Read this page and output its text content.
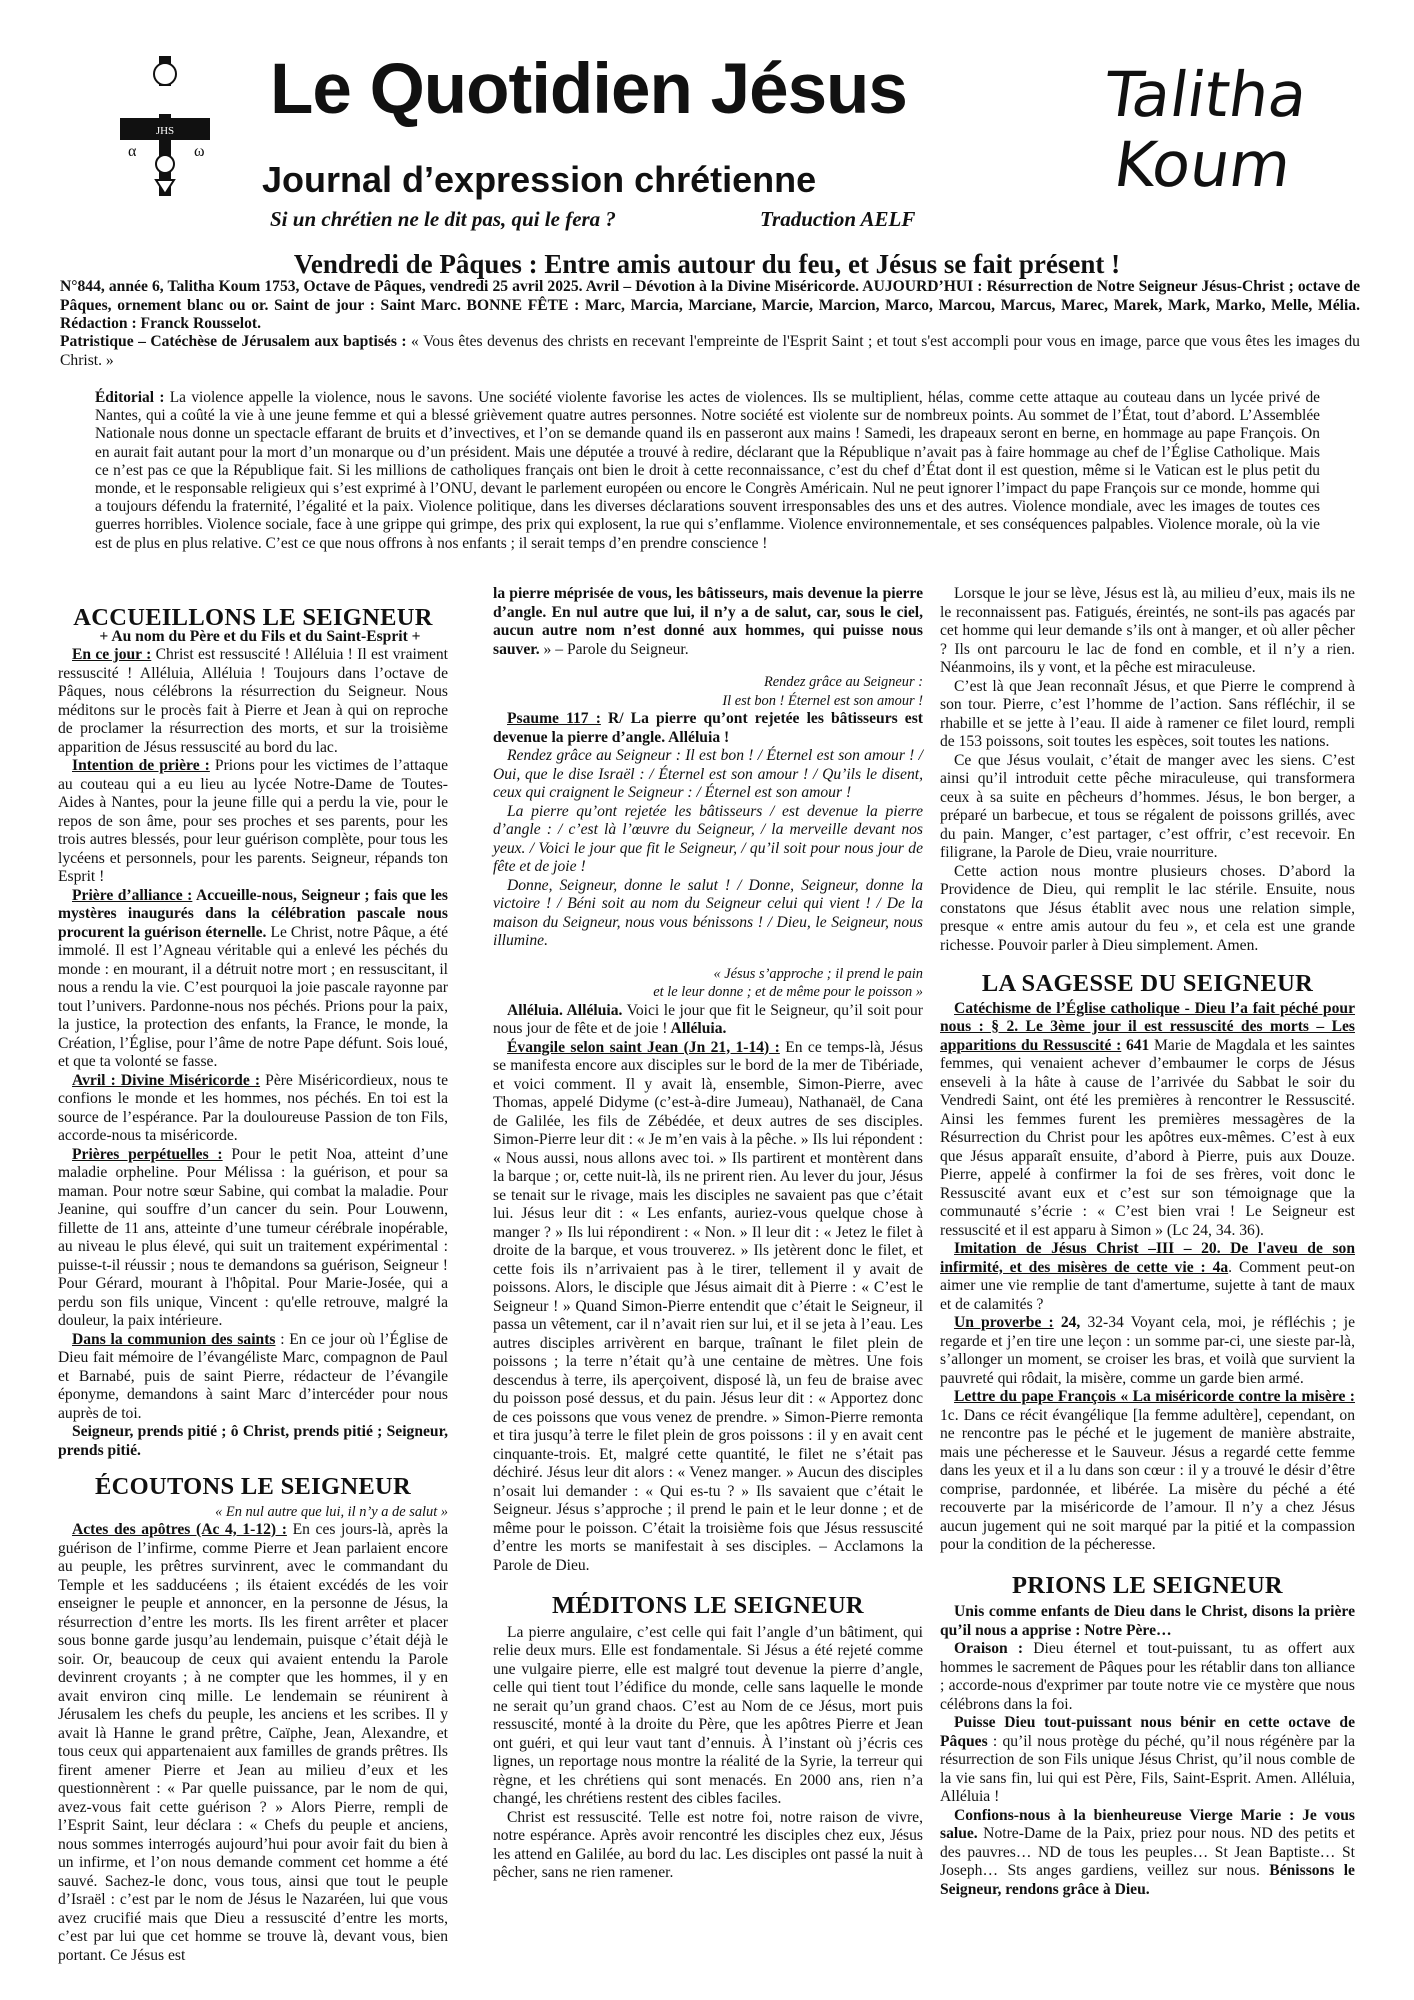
JHS
α	ω
Le Quotidien Jésus
Journal d’expression chrétienne
Si un chrétien ne le dit pas, qui le fera ?	Traduction AELF
Talitha
Koum
Vendredi de Pâques : Entre amis autour du feu, et Jésus se fait présent !
N°844, année 6, Talitha Koum 1753, Octave de Pâques, vendredi 25 avril 2025. Avril – Dévotion à la Divine Miséricorde. AUJOURD’HUI : Résurrection de Notre Seigneur Jésus-Christ ; octave de Pâques, ornement blanc ou or. Saint de jour : Saint Marc. BONNE FÊTE : Marc, Marcia, Marciane, Marcie, Marcion, Marco, Marcou, Marcus, Marec, Marek, Mark, Marko, Melle, Mélia. Rédaction : Franck Rousselot.
Patristique – Catéchèse de Jérusalem aux baptisés : « Vous êtes devenus des christs en recevant l'empreinte de l'Esprit Saint ; et tout s'est accompli pour vous en image, parce que vous êtes les images du Christ. »
Éditorial : La violence appelle la violence, nous le savons. Une société violente favorise les actes de violences. Ils se multiplient, hélas, comme cette attaque au couteau dans un lycée privé de Nantes, qui a coûté la vie à une jeune femme et qui a blessé grièvement quatre autres personnes. Notre société est violente sur de nombreux points. Au sommet de l’État, tout d’abord. L’Assemblée Nationale nous donne un spectacle effarant de bruits et d’invectives, et l’on se demande quand ils en passeront aux mains ! Samedi, les drapeaux seront en berne, en hommage au pape François. On en aurait fait autant pour la mort d’un monarque ou d’un président. Mais une députée a trouvé à redire, déclarant que la République n’avait pas à faire hommage au chef de l’Église Catholique. Mais ce n’est pas ce que la République fait. Si les millions de catholiques français ont bien le droit à cette reconnaissance, c’est du chef d’État dont il est question, même si le Vatican est le plus petit du monde, et le responsable religieux qui s’est exprimé à l’ONU, devant le parlement européen ou encore le Congrès Américain. Nul ne peut ignorer l’impact du pape François sur ce monde, homme qui a toujours défendu la fraternité, l’égalité et la paix. Violence politique, dans les diverses déclarations souvent irresponsables des uns et des autres. Violence mondiale, avec les images de toutes ces guerres horribles. Violence sociale, face à une grippe qui grimpe, des prix qui explosent, la rue qui s’enflamme. Violence environnementale, et ses conséquences palpables. Violence morale, où la vie est de plus en plus relative. C’est ce que nous offrons à nos enfants ; il serait temps d’en prendre conscience !
ACCUEILLONS LE SEIGNEUR

+ Au nom du Père et du Fils et du Saint-Esprit +

En ce jour : Christ est ressuscité ! Alléluia ! Il est vraiment ressuscité ! Alléluia, Alléluia ! Toujours dans l’octave de Pâques, nous célébrons la résurrection du Seigneur. Nous méditons sur le procès fait à Pierre et Jean à qui on reproche de proclamer la résurrection des morts, et sur la troisième apparition de Jésus ressuscité au bord du lac.

Intention de prière : Prions pour les victimes de l’attaque au couteau qui a eu lieu au lycée Notre-Dame de Toutes-Aides à Nantes, pour la jeune fille qui a perdu la vie, pour le repos de son âme, pour ses proches et ses parents, pour les trois autres blessés, pour leur guérison complète, pour tous les lycéens et personnels, pour les parents. Seigneur, répands ton Esprit !

Prière d’alliance : Accueille-nous, Seigneur ; fais que les mystères inaugurés dans la célébration pascale nous procurent la guérison éternelle. Le Christ, notre Pâque, a été immolé. Il est l’Agneau véritable qui a enlevé les péchés du monde : en mourant, il a détruit notre mort ; en ressuscitant, il nous a rendu la vie. C’est pourquoi la joie pascale rayonne par tout l’univers. Pardonne-nous nos péchés. Prions pour la paix, la justice, la protection des enfants, la France, le monde, la Création, l’Église, pour l’âme de notre Pape défunt. Sois loué, et que ta volonté se fasse.

Avril : Divine Miséricorde : Père Miséricordieux, nous te confions le monde et les hommes, nos péchés. En toi est la source de l’espérance. Par la douloureuse Passion de ton Fils, accorde-nous ta miséricorde.

Prières perpétuelles : Pour le petit Noa, atteint d’une maladie orpheline. Pour Mélissa : la guérison, et pour sa maman. Pour notre sœur Sabine, qui combat la maladie. Pour Jeanine, qui souffre d’un cancer du sein. Pour Louwenn, fillette de 11 ans, atteinte d’une tumeur cérébrale inopérable, au niveau le plus élevé, qui suit un traitement expérimental : puisse-t-il réussir ; nous te demandons sa guérison, Seigneur ! Pour Gérard, mourant à l'hôpital. Pour Marie-Josée, qui a perdu son fils unique, Vincent : qu'elle retrouve, malgré la douleur, la paix intérieure.

Dans la communion des saints : En ce jour où l’Église de Dieu fait mémoire de l’évangéliste Marc, compagnon de Paul et Barnabé, puis de saint Pierre, rédacteur de l’évangile éponyme, demandons à saint Marc d’intercéder pour nous auprès de toi.

Seigneur, prends pitié ; ô Christ, prends pitié ; Seigneur, prends pitié.

ÉCOUTONS LE SEIGNEUR

« En nul autre que lui, il n’y a de salut »

Actes des apôtres (Ac 4, 1-12) : En ces jours-là, après la guérison de l’infirme, comme Pierre et Jean parlaient encore au peuple, les prêtres survinrent, avec le commandant du Temple et les sadducéens ; ils étaient excédés de les voir enseigner le peuple et annoncer, en la personne de Jésus, la résurrection d’entre les morts. Ils les firent arrêter et placer sous bonne garde jusqu’au lendemain, puisque c’était déjà le soir. Or, beaucoup de ceux qui avaient entendu la Parole devinrent croyants ; à ne compter que les hommes, il y en avait environ cinq mille. Le lendemain se réunirent à Jérusalem les chefs du peuple, les anciens et les scribes. Il y avait là Hanne le grand prêtre, Caïphe, Jean, Alexandre, et tous ceux qui appartenaient aux familles de grands prêtres. Ils firent amener Pierre et Jean au milieu d’eux et les questionnèrent : « Par quelle puissance, par le nom de qui, avez-vous fait cette guérison ? » Alors Pierre, rempli de l’Esprit Saint, leur déclara : « Chefs du peuple et anciens, nous sommes interrogés aujourd’hui pour avoir fait du bien à un infirme, et l’on nous demande comment cet homme a été sauvé. Sachez-le donc, vous tous, ainsi que tout le peuple d’Israël : c’est par le nom de Jésus le Nazaréen, lui que vous avez crucifié mais que Dieu a ressuscité d’entre les morts, c’est par lui que cet homme se trouve là, devant vous, bien portant. Ce Jésus est

la pierre méprisée de vous, les bâtisseurs, mais devenue la pierre d’angle. En nul autre que lui, il n’y a de salut, car, sous le ciel, aucun autre nom n’est donné aux hommes, qui puisse nous sauver. » – Parole du Seigneur.

Rendez grâce au Seigneur :

Il est bon ! Éternel est son amour !

Psaume 117 : R/ La pierre qu’ont rejetée les bâtisseurs est devenue la pierre d’angle. Alléluia !

Rendez grâce au Seigneur : Il est bon ! / Éternel est son amour ! / Oui, que le dise Israël : / Éternel est son amour ! / Qu’ils le disent, ceux qui craignent le Seigneur : / Éternel est son amour !

La pierre qu’ont rejetée les bâtisseurs / est devenue la pierre d’angle : / c’est là l’œuvre du Seigneur, / la merveille devant nos yeux. / Voici le jour que fit le Seigneur, / qu’il soit pour nous jour de fête et de joie !

Donne, Seigneur, donne le salut ! / Donne, Seigneur, donne la victoire ! / Béni soit au nom du Seigneur celui qui vient ! / De la maison du Seigneur, nous vous bénissons ! / Dieu, le Seigneur, nous illumine.

« Jésus s’approche ; il prend le pain

et le leur donne ; et de même pour le poisson »

Alléluia. Alléluia. Voici le jour que fit le Seigneur, qu’il soit pour nous jour de fête et de joie ! Alléluia.

Évangile selon saint Jean (Jn 21, 1-14) : En ce temps-là, Jésus se manifesta encore aux disciples sur le bord de la mer de Tibériade, et voici comment. Il y avait là, ensemble, Simon-Pierre, avec Thomas, appelé Didyme (c’est-à-dire Jumeau), Nathanaël, de Cana de Galilée, les fils de Zébédée, et deux autres de ses disciples. Simon-Pierre leur dit : « Je m’en vais à la pêche. » Ils lui répondent : « Nous aussi, nous allons avec toi. » Ils partirent et montèrent dans la barque ; or, cette nuit-là, ils ne prirent rien. Au lever du jour, Jésus se tenait sur le rivage, mais les disciples ne savaient pas que c’était lui. Jésus leur dit : « Les enfants, auriez-vous quelque chose à manger ? » Ils lui répondirent : « Non. » Il leur dit : « Jetez le filet à droite de la barque, et vous trouverez. » Ils jetèrent donc le filet, et cette fois ils n’arrivaient pas à le tirer, tellement il y avait de poissons. Alors, le disciple que Jésus aimait dit à Pierre : « C’est le Seigneur ! » Quand Simon-Pierre entendit que c’était le Seigneur, il passa un vêtement, car il n’avait rien sur lui, et il se jeta à l’eau. Les autres disciples arrivèrent en barque, traînant le filet plein de poissons ; la terre n’était qu’à une centaine de mètres. Une fois descendus à terre, ils aperçoivent, disposé là, un feu de braise avec du poisson posé dessus, et du pain. Jésus leur dit : « Apportez donc de ces poissons que vous venez de prendre. » Simon-Pierre remonta et tira jusqu’à terre le filet plein de gros poissons : il y en avait cent cinquante-trois. Et, malgré cette quantité, le filet ne s’était pas déchiré. Jésus leur dit alors : « Venez manger. » Aucun des disciples n’osait lui demander : « Qui es-tu ? » Ils savaient que c’était le Seigneur. Jésus s’approche ; il prend le pain et le leur donne ; et de même pour le poisson. C’était la troisième fois que Jésus ressuscité d’entre les morts se manifestait à ses disciples. – Acclamons la Parole de Dieu.

MÉDITONS LE SEIGNEUR

La pierre angulaire, c’est celle qui fait l’angle d’un bâtiment, qui relie deux murs. Elle est fondamentale. Si Jésus a été rejeté comme une vulgaire pierre, elle est malgré tout devenue la pierre d’angle, celle qui tient tout l’édifice du monde, celle sans laquelle le monde ne serait qu’un grand chaos. C’est au Nom de ce Jésus, mort puis ressuscité, monté à la droite du Père, que les apôtres Pierre et Jean ont guéri, et qui leur vaut tant d’ennuis. À l’instant où j’écris ces lignes, un reportage nous montre la réalité de la Syrie, la terreur qui règne, et les chrétiens qui sont menacés. En 2000 ans, rien n’a changé, les chrétiens restent des cibles faciles.

Christ est ressuscité. Telle est notre foi, notre raison de vivre, notre espérance. Après avoir rencontré les disciples chez eux, Jésus les attend en Galilée, au bord du lac. Les disciples ont passé la nuit à pêcher, sans ne rien ramener.

Lorsque le jour se lève, Jésus est là, au milieu d’eux, mais ils ne le reconnaissent pas. Fatigués, éreintés, ne sont-ils pas agacés par cet homme qui leur demande s’ils ont à manger, et où aller pêcher ? Ils ont parcouru le lac de fond en comble, et il n’y a rien. Néanmoins, ils y vont, et la pêche est miraculeuse.

C’est là que Jean reconnaît Jésus, et que Pierre le comprend à son tour. Pierre, c’est l’homme de l’action. Sans réfléchir, il se rhabille et se jette à l’eau. Il aide à ramener ce filet lourd, rempli de 153 poissons, soit toutes les espèces, soit toutes les nations.

Ce que Jésus voulait, c’était de manger avec les siens. C’est ainsi qu’il introduit cette pêche miraculeuse, qui transformera ceux à sa suite en pêcheurs d’hommes. Jésus, le bon berger, a préparé un barbecue, et tous se régalent de poissons grillés, avec du pain. Manger, c’est partager, c’est offrir, c’est recevoir. En filigrane, la Parole de Dieu, vraie nourriture.

Cette action nous montre plusieurs choses. D’abord la Providence de Dieu, qui remplit le lac stérile. Ensuite, nous constatons que Jésus établit avec nous une relation simple, presque « entre amis autour du feu », et cela est une grande richesse. Pouvoir parler à Dieu simplement. Amen.

LA SAGESSE DU SEIGNEUR

Catéchisme de l’Église catholique - Dieu l’a fait péché pour nous : § 2. Le 3ème jour il est ressuscité des morts – Les apparitions du Ressuscité : 641 Marie de Magdala et les saintes femmes, qui venaient achever d’embaumer le corps de Jésus enseveli à la hâte à cause de l’arrivée du Sabbat le soir du Vendredi Saint, ont été les premières à rencontrer le Ressuscité. Ainsi les femmes furent les premières messagères de la Résurrection du Christ pour les apôtres eux-mêmes. C’est à eux que Jésus apparaît ensuite, d’abord à Pierre, puis aux Douze. Pierre, appelé à confirmer la foi de ses frères, voit donc le Ressuscité avant eux et c’est sur son témoignage que la communauté s’écrie : « C’est bien vrai ! Le Seigneur est ressuscité et il est apparu à Simon » (Lc 24, 34. 36).

Imitation de Jésus Christ –III – 20. De l'aveu de son infirmité, et des misères de cette vie : 4a. Comment peut-on aimer une vie remplie de tant d'amertume, sujette à tant de maux et de calamités ?

Un proverbe : 24, 32-34 Voyant cela, moi, je réfléchis ; je regarde et j’en tire une leçon : un somme par-ci, une sieste par-là, s’allonger un moment, se croiser les bras, et voilà que survient la pauvreté qui rôdait, la misère, comme un garde bien armé.

Lettre du pape François « La miséricorde contre la misère : 1c. Dans ce récit évangélique [la femme adultère], cependant, on ne rencontre pas le péché et le jugement de manière abstraite, mais une pécheresse et le Sauveur. Jésus a regardé cette femme dans les yeux et il a lu dans son cœur : il y a trouvé le désir d’être comprise, pardonnée, et libérée. La misère du péché a été recouverte par la miséricorde de l’amour. Il n’y a chez Jésus aucun jugement qui ne soit marqué par la pitié et la compassion pour la condition de la pécheresse.

PRIONS LE SEIGNEUR

Unis comme enfants de Dieu dans le Christ, disons la prière qu’il nous a apprise : Notre Père…

Oraison : Dieu éternel et tout-puissant, tu as offert aux hommes le sacrement de Pâques pour les rétablir dans ton alliance ; accorde-nous d'exprimer par toute notre vie ce mystère que nous célébrons dans la foi.

Puisse Dieu tout-puissant nous bénir en cette octave de Pâques : qu’il nous protège du péché, qu’il nous régénère par la résurrection de son Fils unique Jésus Christ, qu’il nous comble de la vie sans fin, lui qui est Père, Fils, Saint-Esprit. Amen. Alléluia, Alléluia !

Confions-nous à la bienheureuse Vierge Marie : Je vous salue. Notre-Dame de la Paix, priez pour nous. ND des petits et des pauvres… ND de tous les peuples… St Jean Baptiste… St Joseph… Sts anges gardiens, veillez sur nous. Bénissons le Seigneur, rendons grâce à Dieu.
